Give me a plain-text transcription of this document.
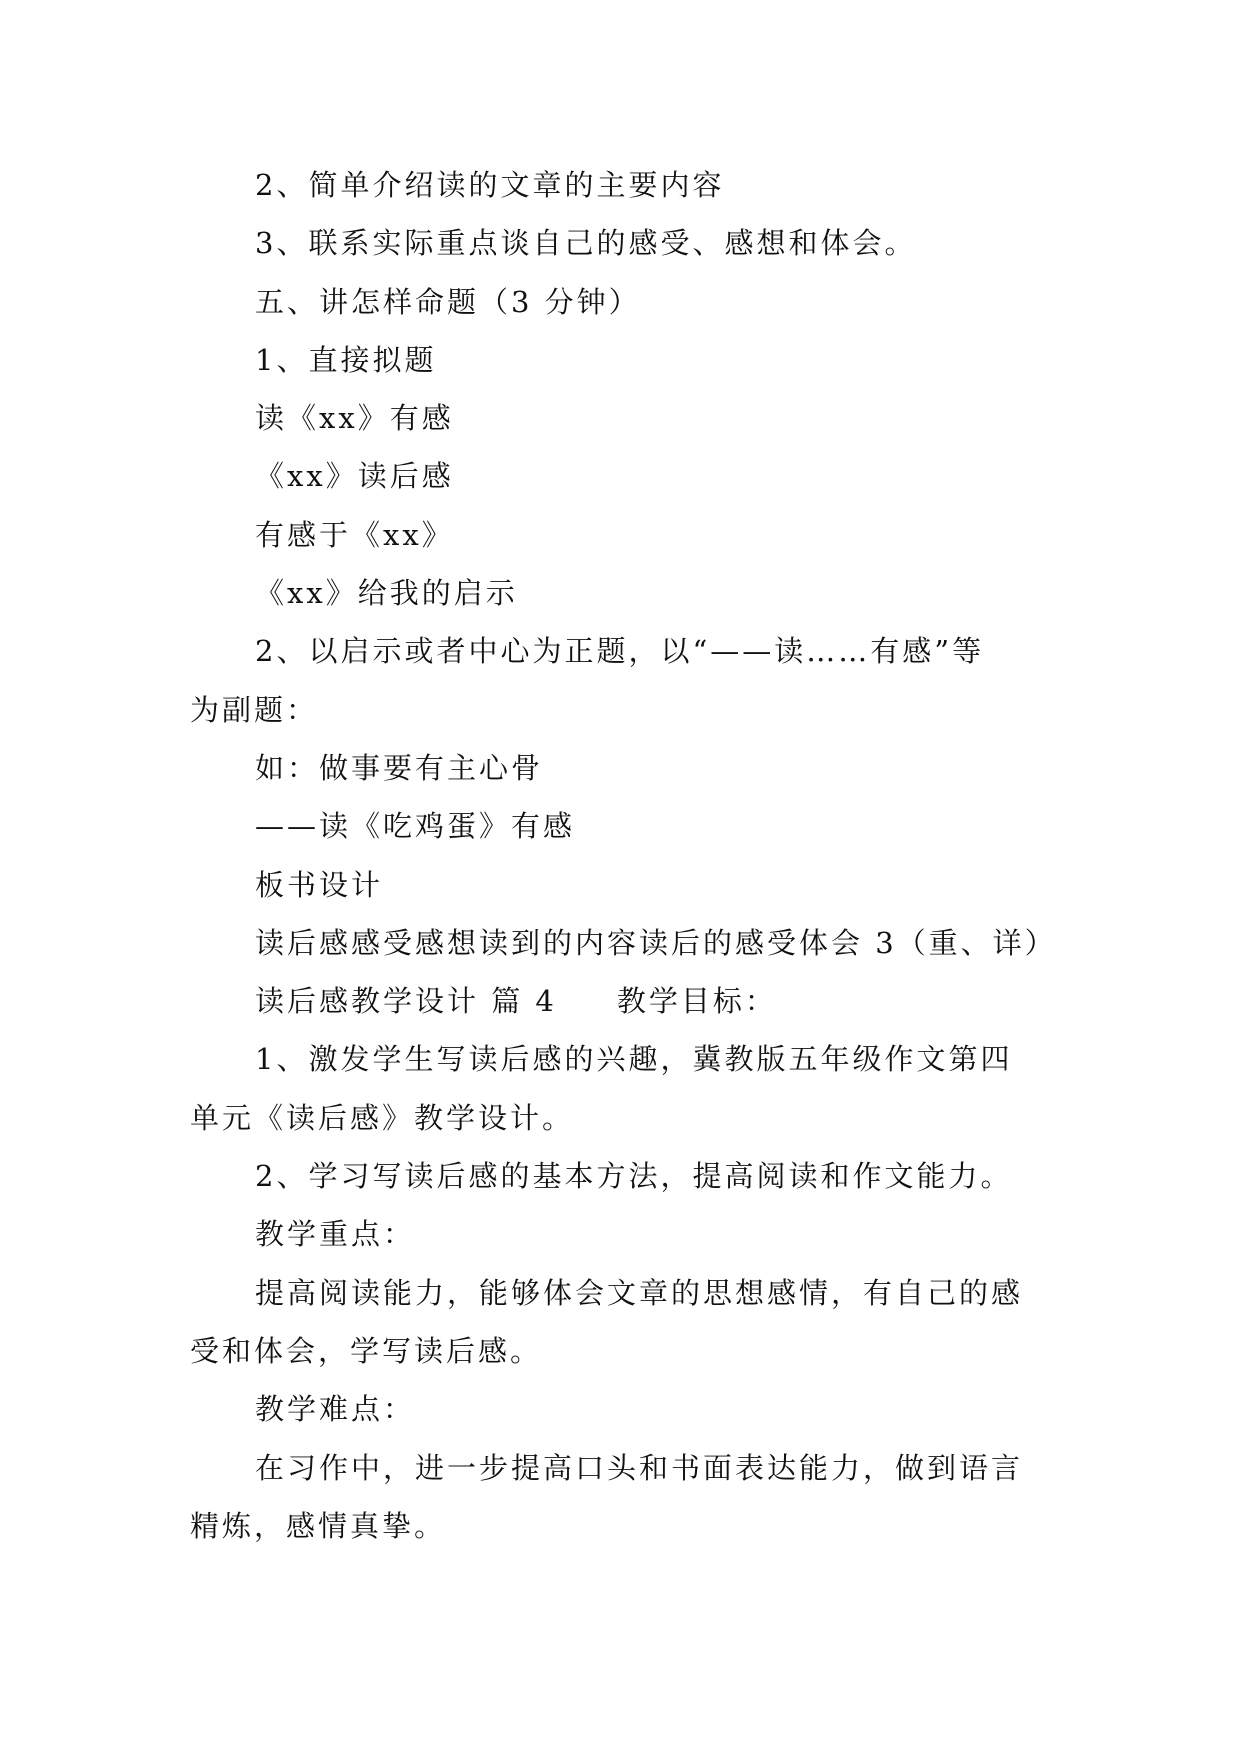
2、简单介绍读的文章的主要内容

3、联系实际重点谈自己的感受、感想和体会。

五、讲怎样命题（3 分钟）

1、直接拟题

读《xx》有感

《xx》读后感

有感于《xx》

《xx》给我的启示

2、以启示或者中心为正题，以“——读……有感”等

为副题：

如：做事要有主心骨

——读《吃鸡蛋》有感

板书设计

读后感感受感想读到的内容读后的感受体会 3（重、详）

读后感教学设计 篇 4 教学目标：

1、激发学生写读后感的兴趣，冀教版五年级作文第四

单元《读后感》教学设计。

2、学习写读后感的基本方法，提高阅读和作文能力。

教学重点：

提高阅读能力，能够体会文章的思想感情，有自己的感

受和体会，学写读后感。

教学难点：

在习作中，进一步提高口头和书面表达能力，做到语言

精炼，感情真挚。
